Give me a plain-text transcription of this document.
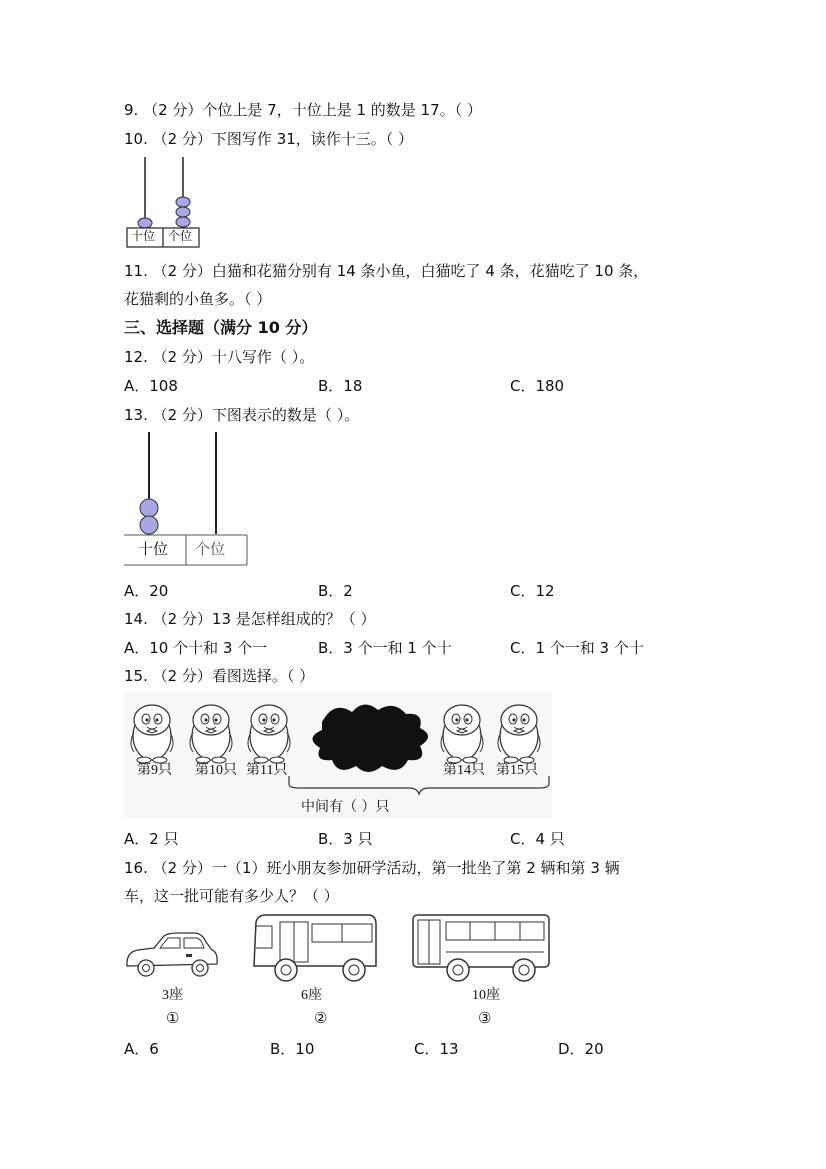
9. （2 分）个位上是 7，十位上是 1 的数是 17。（ ）
10. （2 分）下图写作 31，读作十三。（ ）
十位 个位
11. （2 分）白猫和花猫分别有 14 条小鱼，白猫吃了 4 条，花猫吃了 10 条，
花猫剩的小鱼多。（ ）
三、选择题（满分 10 分）
12. （2 分）十八写作（ ）。
A．108	B．18	C．180
13. （2 分）下图表示的数是（ ）。
十位 个位
A．20	B．2	C．12
14. （2 分）13 是怎样组成的？（ ）
A．10 个十和 3 个一	B．3 个一和 1 个十	C．1 个一和 3 个十
15. （2 分）看图选择。（ ）
第9只 第10只 第11只	第14只 第15只
中间有（ ）只
A．2 只	B．3 只	C．4 只
16. （2 分）一（1）班小朋友参加研学活动，第一批坐了第 2 辆和第 3 辆
车，这一批可能有多少人？（ ）
3座
①
6座
②
10座
③
A．6	B．10	C．13	D．20
